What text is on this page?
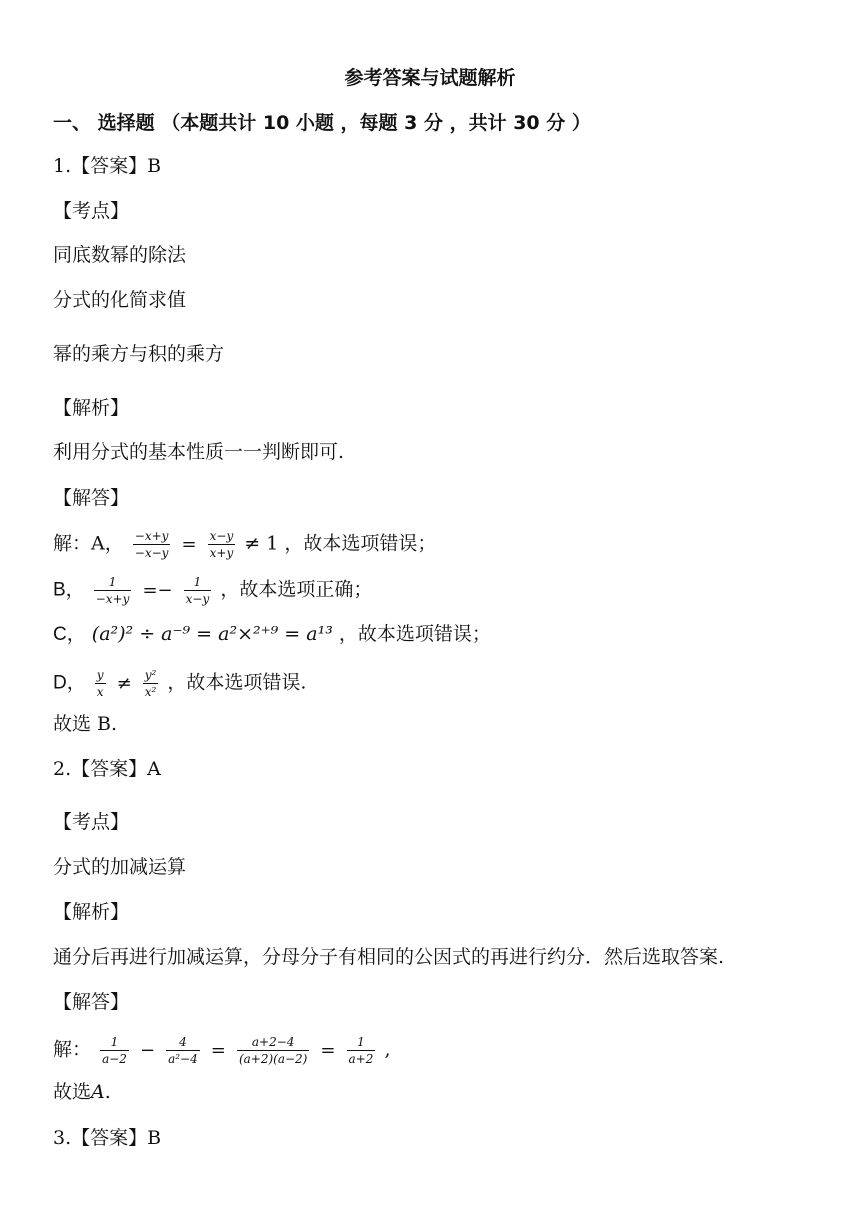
参考答案与试题解析
一、 选择题 （本题共计 10 小题 ，每题 3 分 ，共计 30 分 ）
1.【答案】B
【考点】
同底数幂的除法
分式的化简求值
幂的乘方与积的乘方
【解析】
利用分式的基本性质一一判断即可.
【解答】
解：A， $\frac{-x+y}{-x-y} = \frac{x-y}{x+y} \ne 1$ ，故本选项错误；
B， $\frac{1}{-x+y} =- \frac{1}{x-y}$ ，故本选项正确；
C， (a²)² ÷ a⁻⁹ = a²×²⁺⁹ = a¹³ ，故本选项错误；
D， $\frac{y}{x} \ne \frac{\text{y²}}{\text{x²}}$ ，故本选项错误.
故选 B.
2.【答案】A
【考点】
分式的加减运算
【解析】
通分后再进行加减运算，分母分子有相同的公因式的再进行约分．然后选取答案.
【解答】
解： $\frac{1}{a-2} - \frac{4}{\text{a²−4}} = \frac{a+2-4}{(a+2)(a-2)} = \frac{1}{a+2}$ ,
故选A.
3.【答案】B
